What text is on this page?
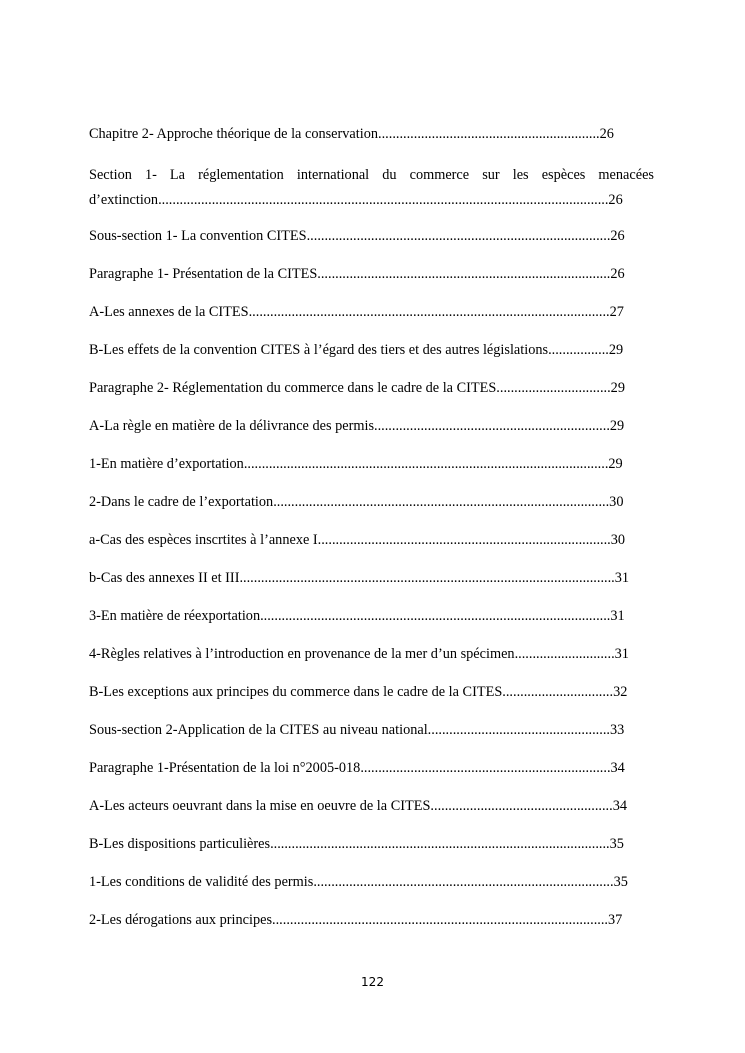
Chapitre 2- Approche théorique de la conservation..............................................................26
Section 1- La réglementation international du commerce sur les espèces menacées d’extinction..............................................................................................................................26
Sous-section 1- La convention CITES.....................................................................................26
Paragraphe 1- Présentation de la CITES..................................................................................26
A-Les annexes de la CITES.....................................................................................................27
B-Les effets de la convention CITES à l’égard des tiers et des autres législations.................29
Paragraphe 2- Réglementation du commerce dans le cadre de la CITES................................29
A-La règle en matière de la délivrance des permis..................................................................29
1-En matière d’exportation......................................................................................................29
2-Dans le cadre de l’exportation..............................................................................................30
a-Cas des espèces inscrtites à l’annexe I..................................................................................30
b-Cas des annexes II et III.........................................................................................................31
3-En matière de réexportation..................................................................................................31
4-Règles relatives à l’introduction en provenance de la mer d’un spécimen............................31
B-Les exceptions aux principes du commerce dans le cadre de la CITES...............................32
Sous-section 2-Application de la CITES au niveau national...................................................33
Paragraphe 1-Présentation de la loi n°2005-018......................................................................34
A-Les acteurs oeuvrant dans la mise en oeuvre de la CITES...................................................34
B-Les dispositions particulières...............................................................................................35
1-Les conditions de validité des permis....................................................................................35
2-Les dérogations aux principes..............................................................................................37
122
